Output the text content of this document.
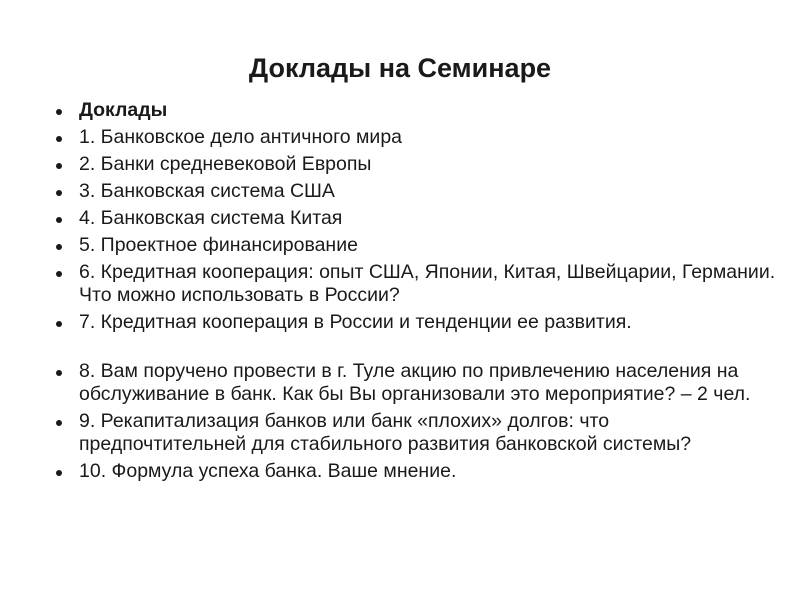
Доклады на Семинаре
Доклады
1. Банковское дело античного мира
2. Банки средневековой Европы
3. Банковская система США
4. Банковская система Китая
5. Проектное финансирование
6. Кредитная кооперация: опыт США, Японии, Китая, Швейцарии, Германии. Что можно использовать в России?
7. Кредитная кооперация в России и тенденции ее развития.
8. Вам поручено провести в г. Туле акцию по привлечению населения на обслуживание в банк. Как бы Вы организовали это мероприятие? – 2 чел.
9. Рекапитализация банков или банк «плохих» долгов: что предпочтительней для стабильного развития банковской системы?
10. Формула успеха банка. Ваше мнение.
